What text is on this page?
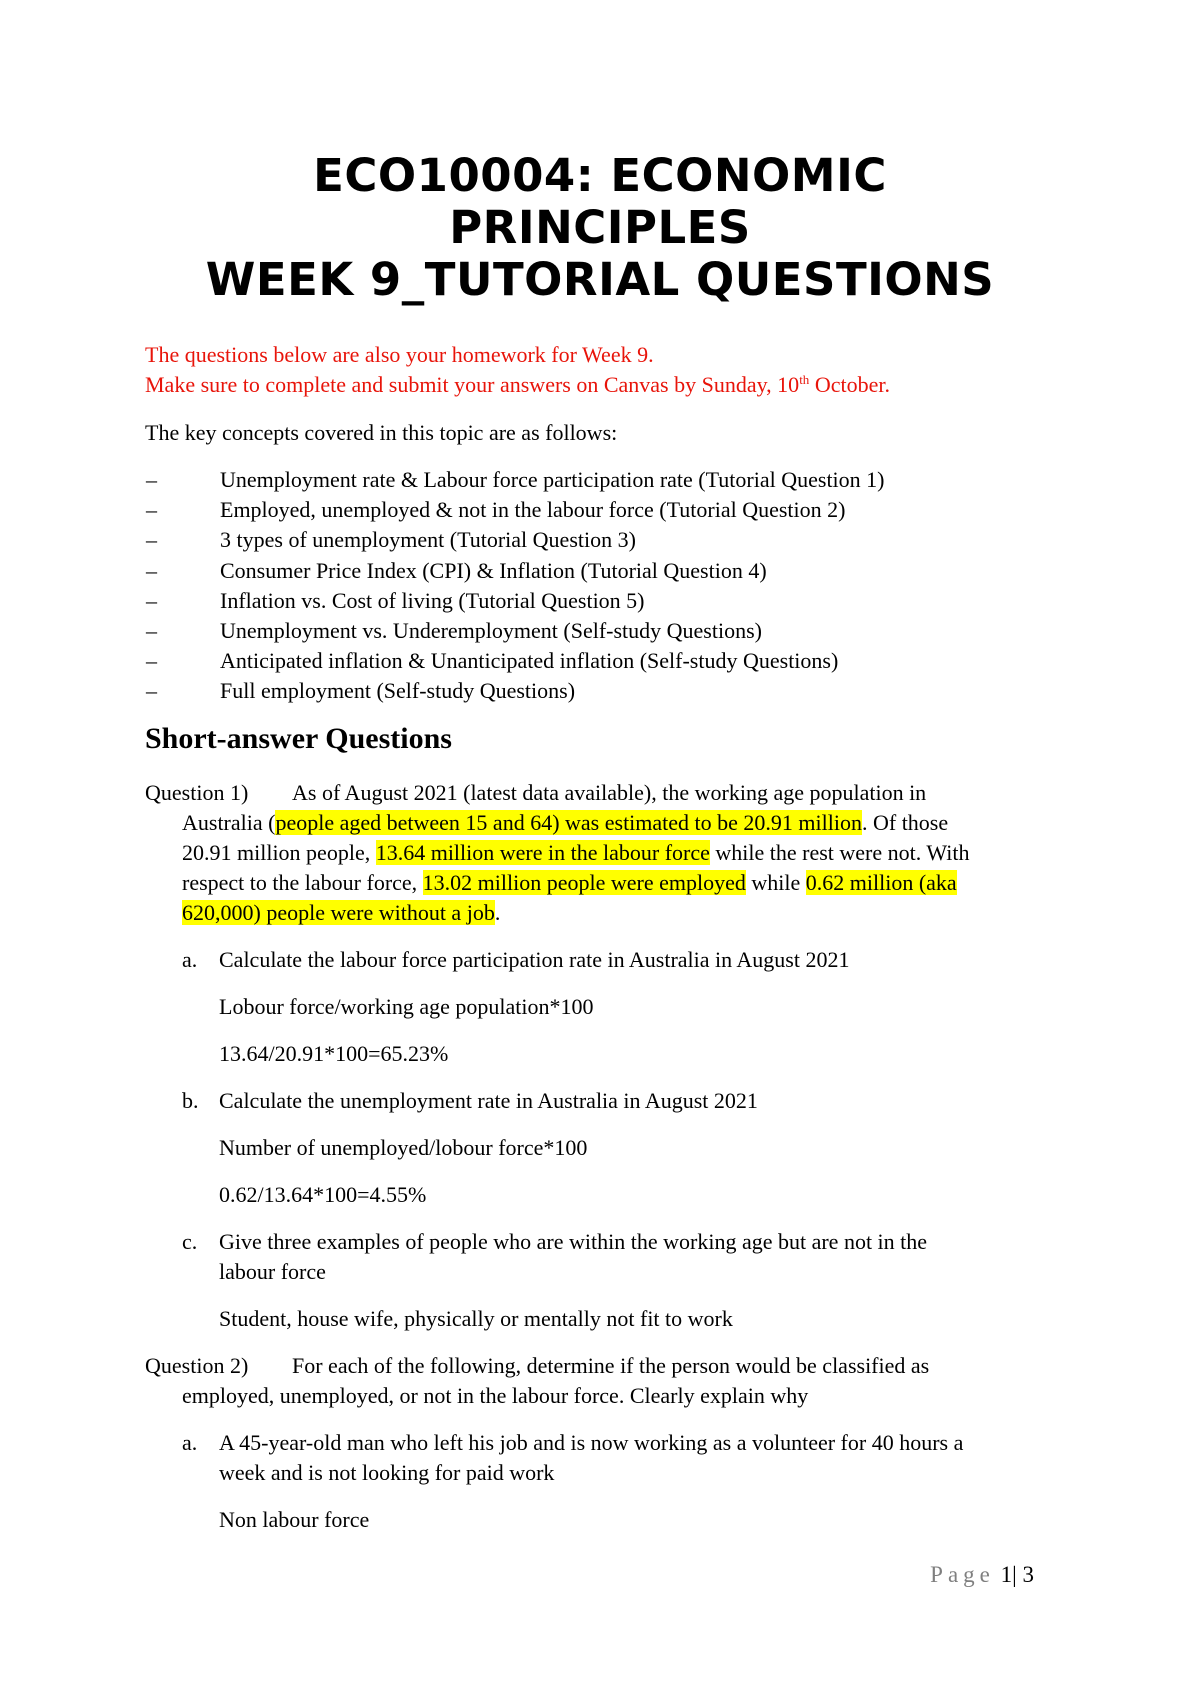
ECO10004: ECONOMIC
PRINCIPLES
WEEK 9_TUTORIAL QUESTIONS
The questions below are also your homework for Week 9.
Make sure to complete and submit your answers on Canvas by Sunday, 10th October.
The key concepts covered in this topic are as follows:
–	Unemployment rate & Labour force participation rate (Tutorial Question 1)
–	Employed, unemployed & not in the labour force (Tutorial Question 2)
–	3 types of unemployment (Tutorial Question 3)
–	Consumer Price Index (CPI) & Inflation (Tutorial Question 4)
–	Inflation vs. Cost of living (Tutorial Question 5)
–	Unemployment vs. Underemployment (Self-study Questions)
–	Anticipated inflation & Unanticipated inflation (Self-study Questions)
–	Full employment (Self-study Questions)
Short-answer Questions
Question 1) As of August 2021 (latest data available), the working age population in
Australia (people aged between 15 and 64) was estimated to be 20.91 million. Of those
20.91 million people, 13.64 million were in the labour force while the rest were not. With
respect to the labour force, 13.02 million people were employed while 0.62 million (aka
620,000) people were without a job.
a. Calculate the labour force participation rate in Australia in August 2021
Lobour force/working age population*100
13.64/20.91*100=65.23%
b. Calculate the unemployment rate in Australia in August 2021
Number of unemployed/lobour force*100
0.62/13.64*100=4.55%
c. Give three examples of people who are within the working age but are not in the
labour force
Student, house wife, physically or mentally not fit to work
Question 2) For each of the following, determine if the person would be classified as
employed, unemployed, or not in the labour force. Clearly explain why
a. A 45-year-old man who left his job and is now working as a volunteer for 40 hours a
week and is not looking for paid work
Non labour force
Page 1| 3
